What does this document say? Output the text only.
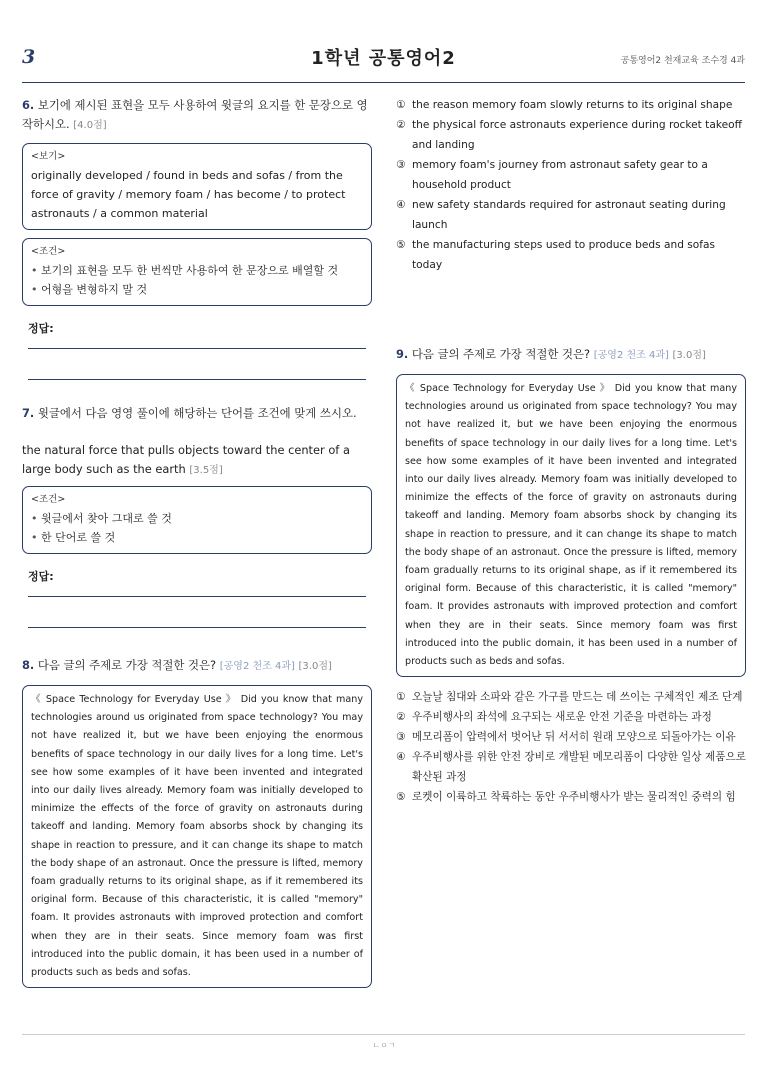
3	1학년 공통영어2	공통영어2 천재교육 조수경 4과
6. 보기에 제시된 표현을 모두 사용하여 윗글의 요지를 한 문장으로 영작하시오. [4.0점]
<보기>
originally developed / found in beds and sofas / from the force of gravity / memory foam / has become / to protect astronauts / a common material
<조건>
• 보기의 표현을 모두 한 번씩만 사용하여 한 문장으로 배열할 것
• 어형을 변형하지 말 것
정답:
7. 윗글에서 다음 영영 풀이에 해당하는 단어를 조건에 맞게 쓰시오.
the natural force that pulls objects toward the center of a large body such as the earth [3.5점]
<조건>
• 윗글에서 찾아 그대로 쓸 것
• 한 단어로 쓸 것
정답:
8. 다음 글의 주제로 가장 적절한 것은? [공영2 천조 4과] [3.0점]
《 Space Technology for Everyday Use 》 Did you know that many technologies around us originated from space technology? You may not have realized it, but we have been enjoying the enormous benefits of space technology in our daily lives for a long time. Let's see how some examples of it have been invented and integrated into our daily lives already. Memory foam was initially developed to minimize the effects of the force of gravity on astronauts during takeoff and landing. Memory foam absorbs shock by changing its shape in reaction to pressure, and it can change its shape to match the body shape of an astronaut. Once the pressure is lifted, memory foam gradually returns to its original shape, as if it remembered its original form. Because of this characteristic, it is called "memory" foam. It provides astronauts with improved protection and comfort when they are in their seats. Since memory foam was first introduced into the public domain, it has been used in a number of products such as beds and sofas.
① the reason memory foam slowly returns to its original shape
② the physical force astronauts experience during rocket takeoff and landing
③ memory foam's journey from astronaut safety gear to a household product
④ new safety standards required for astronaut seating during launch
⑤ the manufacturing steps used to produce beds and sofas today
9. 다음 글의 주제로 가장 적절한 것은? [공영2 천조 4과] [3.0점]
《 Space Technology for Everyday Use 》 Did you know that many technologies around us originated from space technology? You may not have realized it, but we have been enjoying the enormous benefits of space technology in our daily lives for a long time. Let's see how some examples of it have been invented and integrated into our daily lives already. Memory foam was initially developed to minimize the effects of the force of gravity on astronauts during takeoff and landing. Memory foam absorbs shock by changing its shape in reaction to pressure, and it can change its shape to match the body shape of an astronaut. Once the pressure is lifted, memory foam gradually returns to its original shape, as if it remembered its original form. Because of this characteristic, it is called "memory" foam. It provides astronauts with improved protection and comfort when they are in their seats. Since memory foam was first introduced into the public domain, it has been used in a number of products such as beds and sofas.
① 오늘날 침대와 소파와 같은 가구를 만드는 데 쓰이는 구체적인 제조 단계
② 우주비행사의 좌석에 요구되는 새로운 안전 기준을 마련하는 과정
③ 메모리폼이 압력에서 벗어난 뒤 서서히 원래 모양으로 되돌아가는 이유
④ 우주비행사를 위한 안전 장비로 개발된 메모리폼이 다양한 일상 제품으로 확산된 과정
⑤ 로켓이 이륙하고 착륙하는 동안 우주비행사가 받는 물리적인 중력의 힘
ㄴㅇㄱ
